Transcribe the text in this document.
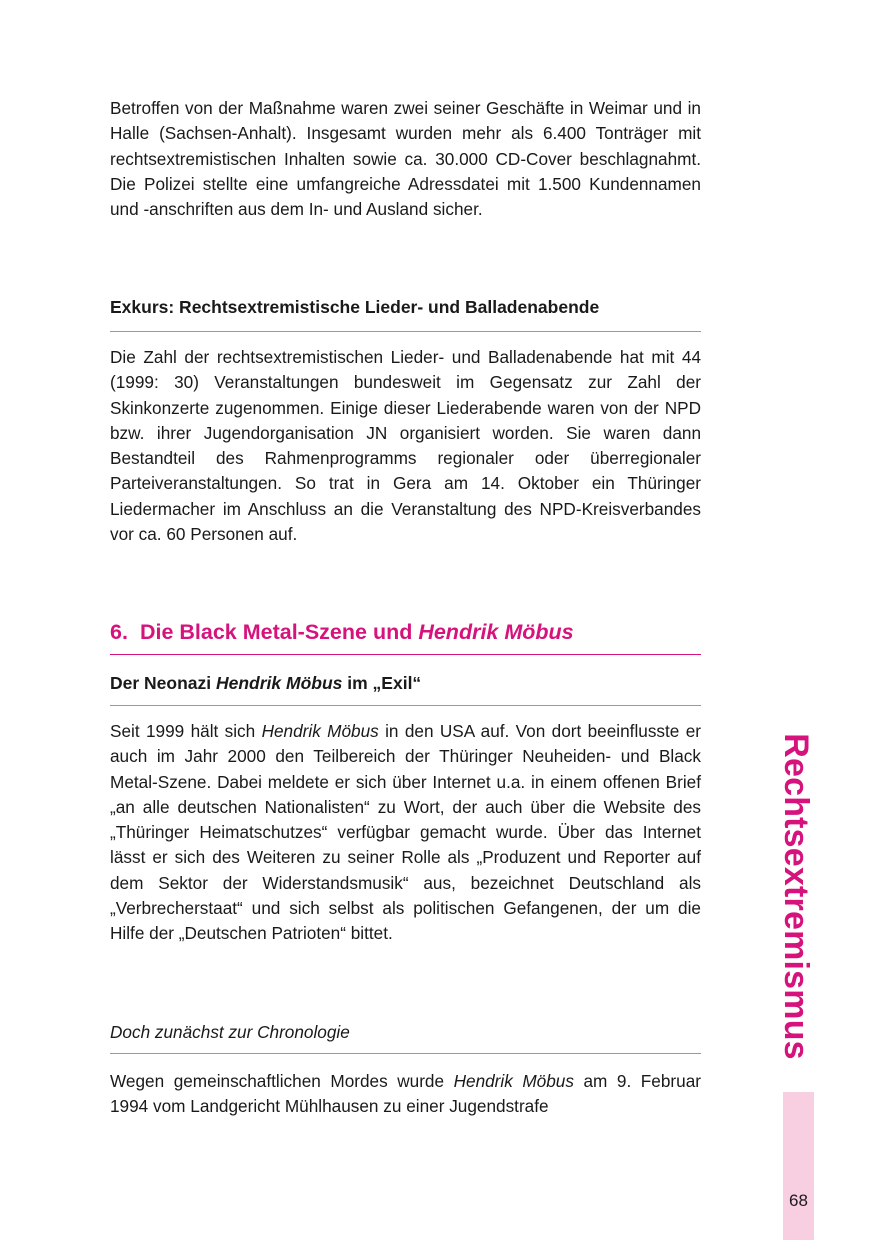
Betroffen von der Maßnahme waren zwei seiner Geschäfte in Weimar und in Halle (Sachsen-Anhalt). Insgesamt wurden mehr als 6.400 Tonträger mit rechtsextremistischen Inhalten sowie ca. 30.000 CD-Cover beschlagnahmt. Die Polizei stellte eine umfangreiche Adressdatei mit 1.500 Kundennamen und -anschriften aus dem In- und Ausland sicher.

Exkurs: Rechtsextremistische Lieder- und Balladenabende

Die Zahl der rechtsextremistischen Lieder- und Balladenabende hat mit 44 (1999: 30) Veranstaltungen bundesweit im Gegensatz zur Zahl der Skinkonzerte zugenommen. Einige dieser Liederabende waren von der NPD bzw. ihrer Jugendorganisation JN organisiert worden. Sie waren dann Bestandteil des Rahmenprogramms regionaler oder überregionaler Parteiveranstaltungen. So trat in Gera am 14. Oktober ein Thüringer Liedermacher im Anschluss an die Veranstaltung des NPD-Kreisverbandes vor ca. 60 Personen auf.

6. Die Black Metal-Szene und Hendrik Möbus
Der Neonazi Hendrik Möbus im „Exil“

Seit 1999 hält sich Hendrik Möbus in den USA auf. Von dort beeinflusste er auch im Jahr 2000 den Teilbereich der Thüringer Neuheiden- und Black Metal-Szene. Dabei meldete er sich über Internet u.a. in einem offenen Brief „an alle deutschen Nationalisten“ zu Wort, der auch über die Website des „Thüringer Heimatschutzes“ verfügbar gemacht wurde. Über das Internet lässt er sich des Weiteren zu seiner Rolle als „Produzent und Reporter auf dem Sektor der Widerstandsmusik“ aus, bezeichnet Deutschland als „Verbrecherstaat“ und sich selbst als politischen Gefangenen, der um die Hilfe der „Deutschen Patrioten“ bittet.

Doch zunächst zur Chronologie

Wegen gemeinschaftlichen Mordes wurde Hendrik Möbus am 9. Februar 1994 vom Landgericht Mühlhausen zu einer Jugendstrafe

Rechtsextremismus
68
